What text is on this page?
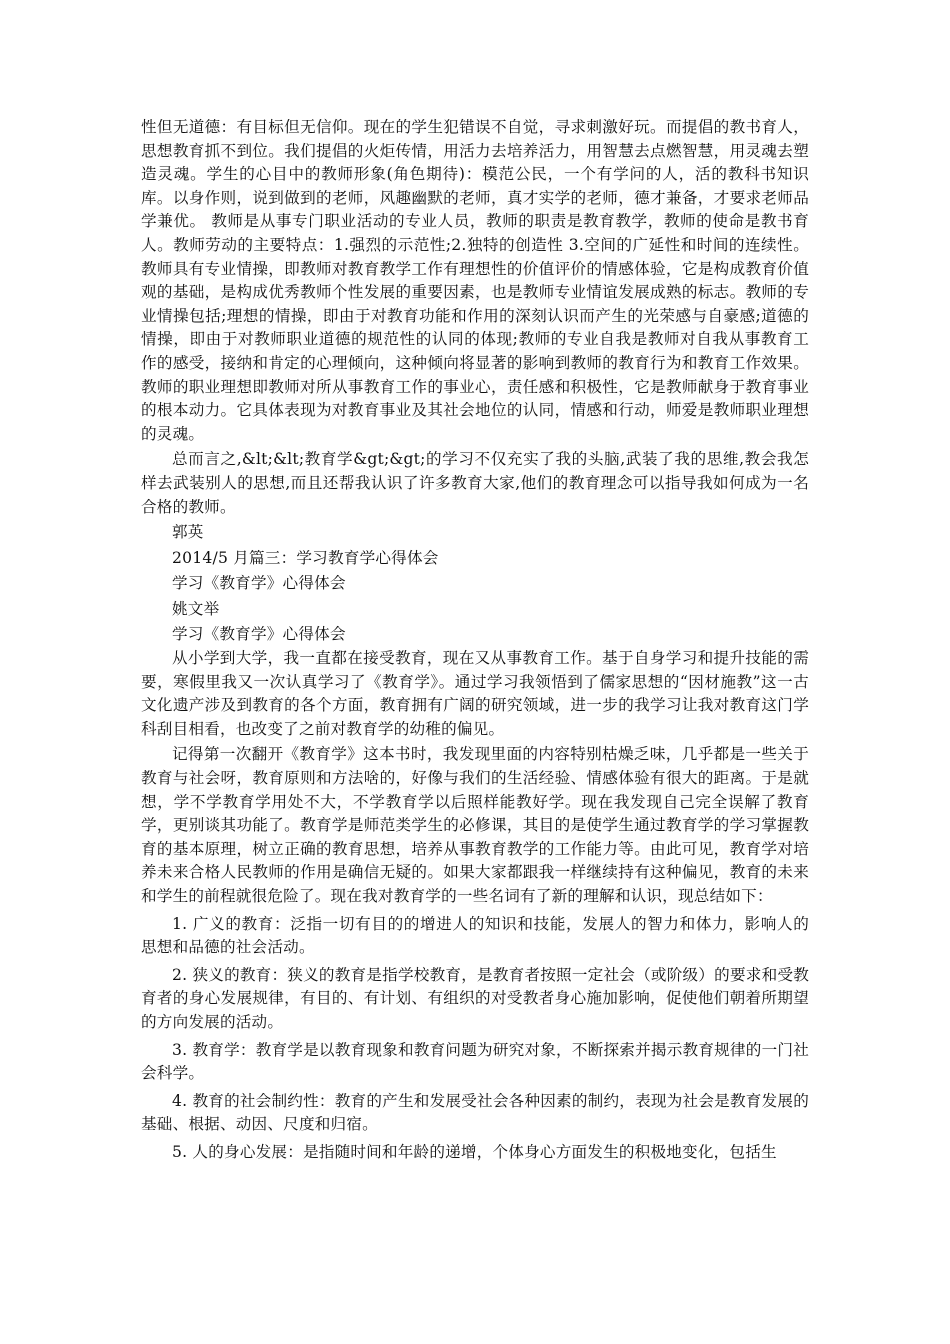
性但无道德：有目标但无信仰。现在的学生犯错误不自觉，寻求刺激好玩。而提倡的教书育人，思想教育抓不到位。我们提倡的火炬传情，用活力去培养活力，用智慧去点燃智慧，用灵魂去塑造灵魂。学生的心目中的教师形象(角色期待)：模范公民，一个有学问的人，活的教科书知识库。以身作则，说到做到的老师，风趣幽默的老师，真才实学的老师，德才兼备，才要求老师品学兼优。 教师是从事专门职业活动的专业人员，教师的职责是教育教学，教师的使命是教书育人。教师劳动的主要特点：1.强烈的示范性;2.独特的创造性 3.空间的广延性和时间的连续性。教师具有专业情操，即教师对教育教学工作有理想性的价值评价的情感体验，它是构成教育价值观的基础，是构成优秀教师个性发展的重要因素，也是教师专业情谊发展成熟的标志。教师的专业情操包括;理想的情操，即由于对教育功能和作用的深刻认识而产生的光荣感与自豪感;道德的情操，即由于对教师职业道德的规范性的认同的体现;教师的专业自我是教师对自我从事教育工作的感受，接纳和肯定的心理倾向，这种倾向将显著的影响到教师的教育行为和教育工作效果。教师的职业理想即教师对所从事教育工作的事业心，责任感和积极性，它是教师献身于教育事业的根本动力。它具体表现为对教育事业及其社会地位的认同，情感和行动，师爱是教师职业理想的灵魂。

总而言之,&lt;&lt;教育学&gt;&gt;的学习不仅充实了我的头脑,武装了我的思维,教会我怎样去武装别人的思想,而且还帮我认识了许多教育大家,他们的教育理念可以指导我如何成为一名合格的教师。

郭英

2014/5 月篇三：学习教育学心得体会

学习《教育学》心得体会

姚文举

学习《教育学》心得体会

从小学到大学，我一直都在接受教育，现在又从事教育工作。基于自身学习和提升技能的需要，寒假里我又一次认真学习了《教育学》。通过学习我领悟到了儒家思想的“因材施教”这一古文化遗产涉及到教育的各个方面，教育拥有广阔的研究领域，进一步的我学习让我对教育这门学科刮目相看，也改变了之前对教育学的幼稚的偏见。

记得第一次翻开《教育学》这本书时，我发现里面的内容特别枯燥乏味，几乎都是一些关于教育与社会呀，教育原则和方法啥的，好像与我们的生活经验、情感体验有很大的距离。于是就想，学不学教育学用处不大，不学教育学以后照样能教好学。现在我发现自己完全误解了教育学，更别谈其功能了。教育学是师范类学生的必修课，其目的是使学生通过教育学的学习掌握教育的基本原理，树立正确的教育思想，培养从事教育教学的工作能力等。由此可见，教育学对培养未来合格人民教师的作用是确信无疑的。如果大家都跟我一样继续持有这种偏见，教育的未来和学生的前程就很危险了。现在我对教育学的一些名词有了新的理解和认识，现总结如下：

1. 广义的教育：泛指一切有目的的增进人的知识和技能，发展人的智力和体力，影响人的　 思想和品德的社会活动。

2. 狭义的教育：狭义的教育是指学校教育，是教育者按照一定社会（或阶级）的要求和受教育者的身心发展规律，有目的、有计划、有组织的对受教者身心施加影响，促使他们朝着所期望的方向发展的活动。

3. 教育学：教育学是以教育现象和教育问题为研究对象，不断探索并揭示教育规律的一门社会科学。

4. 教育的社会制约性：教育的产生和发展受社会各种因素的制约，表现为社会是教育发展的基础、根据、动因、尺度和归宿。

5. 人的身心发展：是指随时间和年龄的递增，个体身心方面发生的积极地变化，包括生
